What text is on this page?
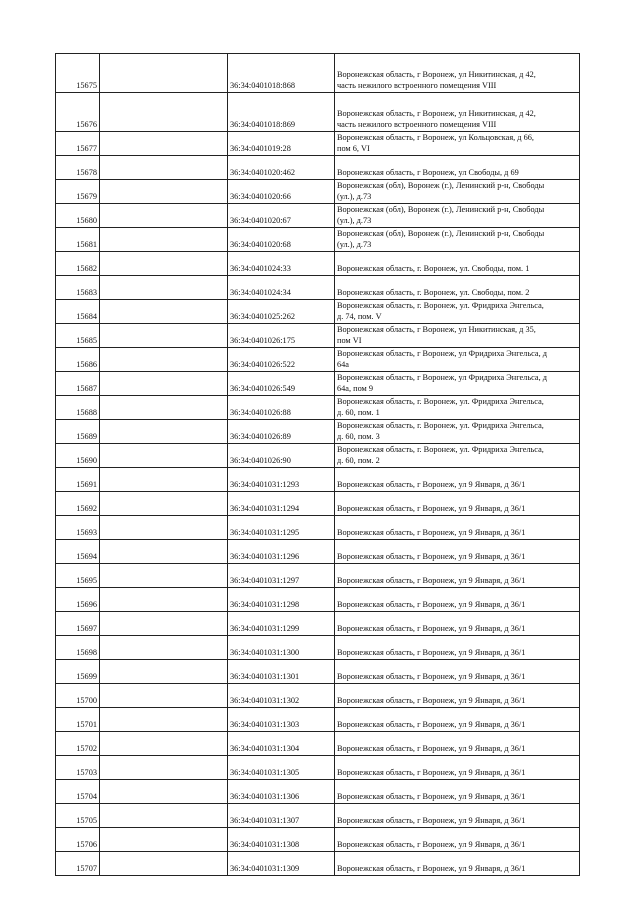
15675		36:34:0401018:868	Воронежская область, г Воронеж, ул Никитинская, д 42,
часть нежилого встроенного помещения VIII
15676		36:34:0401018:869	Воронежская область, г Воронеж, ул Никитинская, д 42,
часть нежилого встроенного помещения VIII
15677		36:34:0401019:28	Воронежская область, г Воронеж, ул Кольцовская, д 66,
пом 6, VI
15678		36:34:0401020:462	Воронежская область, г Воронеж, ул Свободы, д 69
15679		36:34:0401020:66	Воронежская (обл), Воронеж (г.), Ленинский р-н, Свободы
(ул.), д.73
15680		36:34:0401020:67	Воронежская (обл), Воронеж (г.), Ленинский р-н, Свободы
(ул.), д.73
15681		36:34:0401020:68	Воронежская (обл), Воронеж (г.), Ленинский р-н, Свободы
(ул.), д.73
15682		36:34:0401024:33	Воронежская область, г. Воронеж, ул. Свободы, пом. 1
15683		36:34:0401024:34	Воронежская область, г. Воронеж, ул. Свободы, пом. 2
15684		36:34:0401025:262	Воронежская область, г. Воронеж, ул. Фридриха Энгельса,
д. 74, пом. V
15685		36:34:0401026:175	Воронежская область, г Воронеж, ул Никитинская, д 35,
пом VI
15686		36:34:0401026:522	Воронежская область, г Воронеж, ул Фридриха Энгельса, д
64а
15687		36:34:0401026:549	Воронежская область, г Воронеж, ул Фридриха Энгельса, д
64а, пом 9
15688		36:34:0401026:88	Воронежская область, г. Воронеж, ул. Фридриха Энгельса,
д. 60, пом. 1
15689		36:34:0401026:89	Воронежская область, г. Воронеж, ул. Фридриха Энгельса,
д. 60, пом. 3
15690		36:34:0401026:90	Воронежская область, г. Воронеж, ул. Фридриха Энгельса,
д. 60, пом. 2
15691		36:34:0401031:1293	Воронежская область, г Воронеж, ул 9 Января, д 36/1
15692		36:34:0401031:1294	Воронежская область, г Воронеж, ул 9 Января, д 36/1
15693		36:34:0401031:1295	Воронежская область, г Воронеж, ул 9 Января, д 36/1
15694		36:34:0401031:1296	Воронежская область, г Воронеж, ул 9 Января, д 36/1
15695		36:34:0401031:1297	Воронежская область, г Воронеж, ул 9 Января, д 36/1
15696		36:34:0401031:1298	Воронежская область, г Воронеж, ул 9 Января, д 36/1
15697		36:34:0401031:1299	Воронежская область, г Воронеж, ул 9 Января, д 36/1
15698		36:34:0401031:1300	Воронежская область, г Воронеж, ул 9 Января, д 36/1
15699		36:34:0401031:1301	Воронежская область, г Воронеж, ул 9 Января, д 36/1
15700		36:34:0401031:1302	Воронежская область, г Воронеж, ул 9 Января, д 36/1
15701		36:34:0401031:1303	Воронежская область, г Воронеж, ул 9 Января, д 36/1
15702		36:34:0401031:1304	Воронежская область, г Воронеж, ул 9 Января, д 36/1
15703		36:34:0401031:1305	Воронежская область, г Воронеж, ул 9 Января, д 36/1
15704		36:34:0401031:1306	Воронежская область, г Воронеж, ул 9 Января, д 36/1
15705		36:34:0401031:1307	Воронежская область, г Воронеж, ул 9 Января, д 36/1
15706		36:34:0401031:1308	Воронежская область, г Воронеж, ул 9 Января, д 36/1
15707		36:34:0401031:1309	Воронежская область, г Воронеж, ул 9 Января, д 36/1
